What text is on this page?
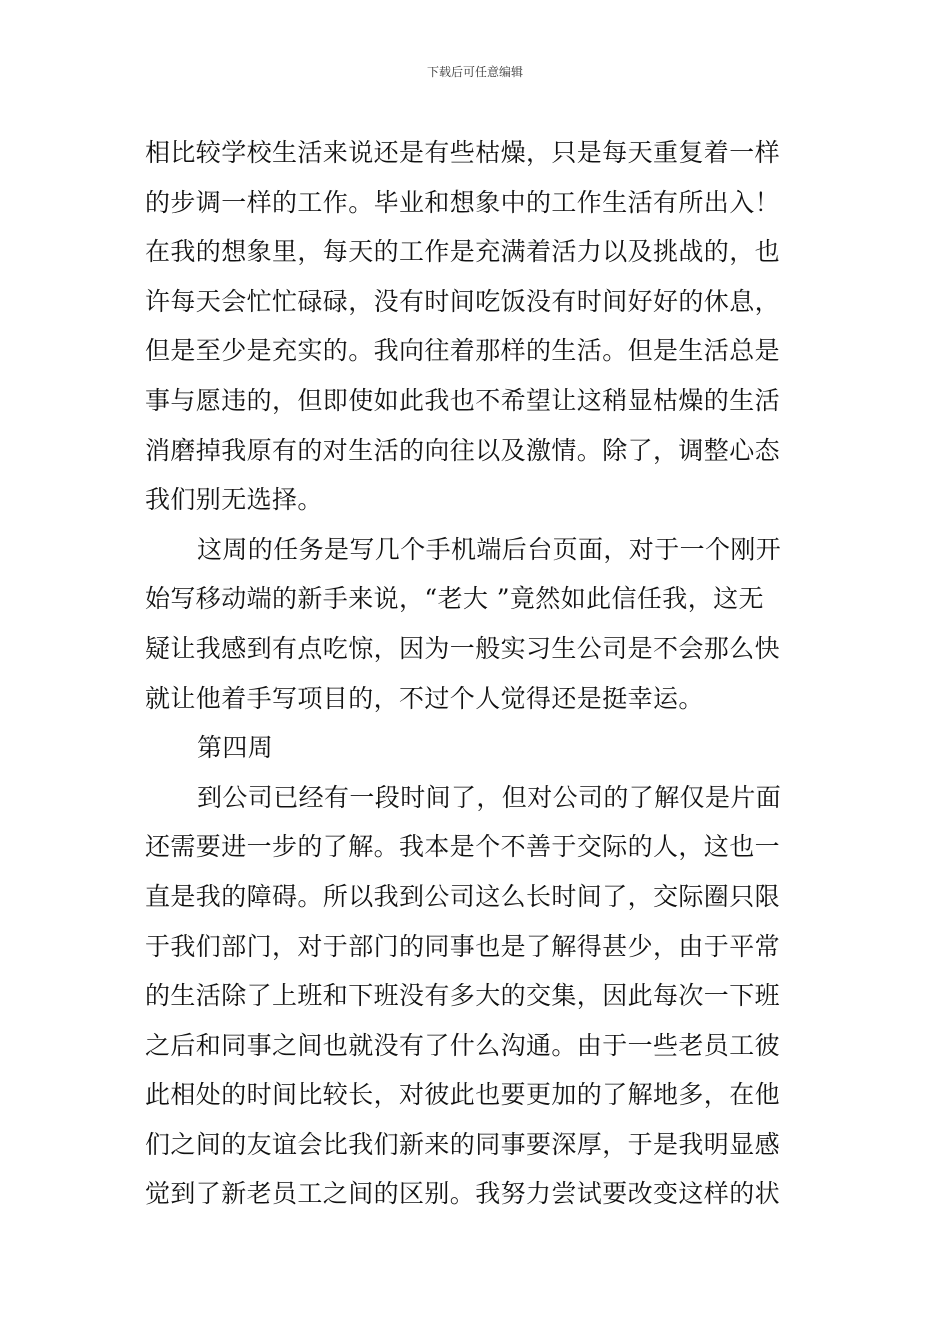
下载后可任意编辑
相比较学校生活来说还是有些枯燥，只是每天重复着一样
的步调一样的工作。毕业和想象中的工作生活有所出入！
在我的想象里，每天的工作是充满着活力以及挑战的，也
许每天会忙忙碌碌，没有时间吃饭没有时间好好的休息，
但是至少是充实的。我向往着那样的生活。但是生活总是
事与愿违的，但即使如此我也不希望让这稍显枯燥的生活
消磨掉我原有的对生活的向往以及激情。除了，调整心态
我们别无选择。
这周的任务是写几个手机端后台页面，对于一个刚开
始写移动端的新手来说，“老大 ”竟然如此信任我，这无
疑让我感到有点吃惊，因为一般实习生公司是不会那么快
就让他着手写项目的，不过个人觉得还是挺幸运。
第四周
到公司已经有一段时间了，但对公司的了解仅是片面
还需要进一步的了解。我本是个不善于交际的人，这也一
直是我的障碍。所以我到公司这么长时间了，交际圈只限
于我们部门，对于部门的同事也是了解得甚少，由于平常
的生活除了上班和下班没有多大的交集，因此每次一下班
之后和同事之间也就没有了什么沟通。由于一些老员工彼
此相处的时间比较长，对彼此也要更加的了解地多，在他
们之间的友谊会比我们新来的同事要深厚，于是我明显感
觉到了新老员工之间的区别。我努力尝试要改变这样的状
